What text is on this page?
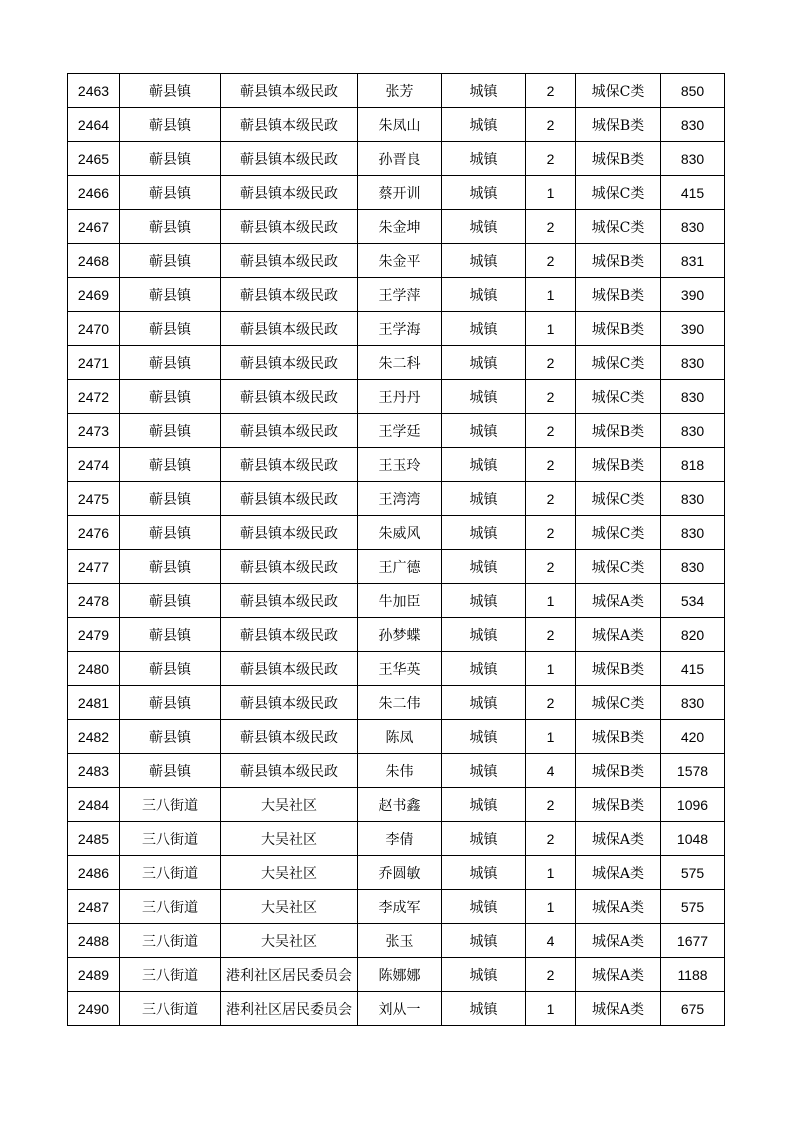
2463	蕲县镇	蕲县镇本级民政	张芳	城镇	2	城保C类	850
2464	蕲县镇	蕲县镇本级民政	朱凤山	城镇	2	城保B类	830
2465	蕲县镇	蕲县镇本级民政	孙晋良	城镇	2	城保B类	830
2466	蕲县镇	蕲县镇本级民政	蔡开训	城镇	1	城保C类	415
2467	蕲县镇	蕲县镇本级民政	朱金坤	城镇	2	城保C类	830
2468	蕲县镇	蕲县镇本级民政	朱金平	城镇	2	城保B类	831
2469	蕲县镇	蕲县镇本级民政	王学萍	城镇	1	城保B类	390
2470	蕲县镇	蕲县镇本级民政	王学海	城镇	1	城保B类	390
2471	蕲县镇	蕲县镇本级民政	朱二科	城镇	2	城保C类	830
2472	蕲县镇	蕲县镇本级民政	王丹丹	城镇	2	城保C类	830
2473	蕲县镇	蕲县镇本级民政	王学廷	城镇	2	城保B类	830
2474	蕲县镇	蕲县镇本级民政	王玉玲	城镇	2	城保B类	818
2475	蕲县镇	蕲县镇本级民政	王湾湾	城镇	2	城保C类	830
2476	蕲县镇	蕲县镇本级民政	朱威风	城镇	2	城保C类	830
2477	蕲县镇	蕲县镇本级民政	王广德	城镇	2	城保C类	830
2478	蕲县镇	蕲县镇本级民政	牛加臣	城镇	1	城保A类	534
2479	蕲县镇	蕲县镇本级民政	孙梦蝶	城镇	2	城保A类	820
2480	蕲县镇	蕲县镇本级民政	王华英	城镇	1	城保B类	415
2481	蕲县镇	蕲县镇本级民政	朱二伟	城镇	2	城保C类	830
2482	蕲县镇	蕲县镇本级民政	陈凤	城镇	1	城保B类	420
2483	蕲县镇	蕲县镇本级民政	朱伟	城镇	4	城保B类	1578
2484	三八街道	大吴社区	赵书鑫	城镇	2	城保B类	1096
2485	三八街道	大吴社区	李倩	城镇	2	城保A类	1048
2486	三八街道	大吴社区	乔圆敏	城镇	1	城保A类	575
2487	三八街道	大吴社区	李成军	城镇	1	城保A类	575
2488	三八街道	大吴社区	张玉	城镇	4	城保A类	1677
2489	三八街道	港利社区居民委员会	陈娜娜	城镇	2	城保A类	1188
2490	三八街道	港利社区居民委员会	刘从一	城镇	1	城保A类	675
